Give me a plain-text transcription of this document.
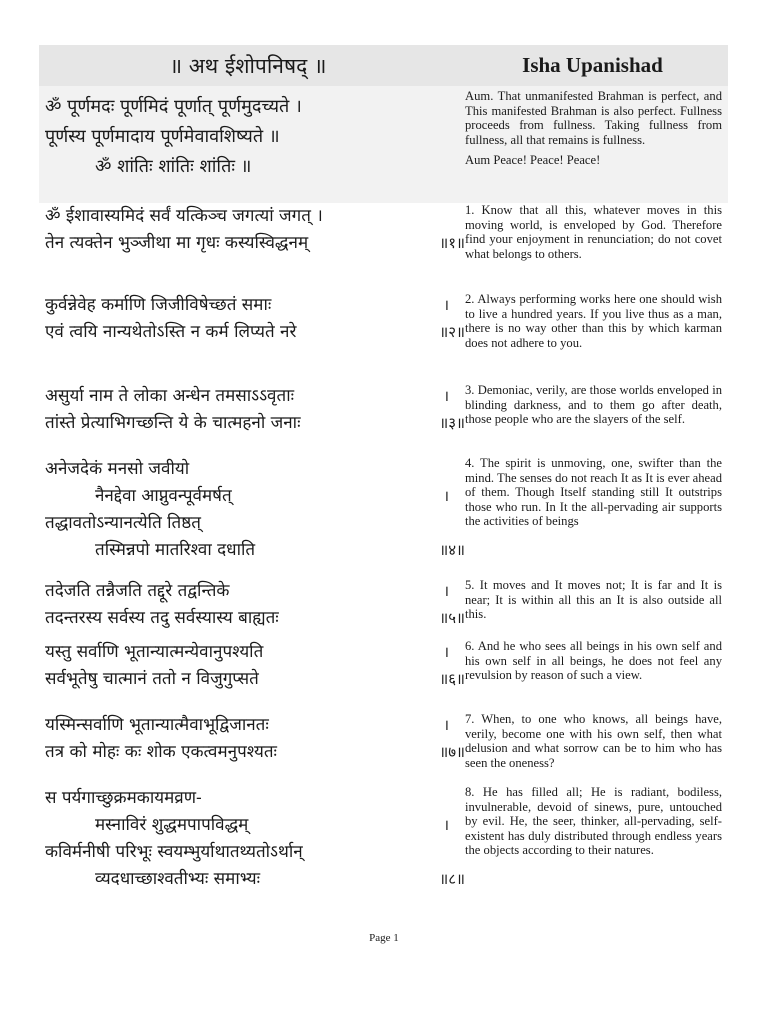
॥ अथ ईशोपनिषद् ॥	Isha Upanishad
ॐ पूर्णमदः पूर्णमिदं पूर्णात् पूर्णमुदच्यते ।
पूर्णस्य पूर्णमादाय पूर्णमेवावशिष्यते ॥
ॐ शांतिः शांतिः शांतिः ॥
Aum. That unmanifested Brahman is perfect, and This manifested Brahman is also perfect. Fullness proceeds from fullness. Taking fullness from fullness, all that remains is fullness.
Aum Peace! Peace! Peace!
ॐ ईशावास्यमिदं सर्वं यत्किञ्च जगत्यां जगत् ।
तेन त्यक्तेन भुञ्जीथा मा गृधः कस्यस्विद्धनम्	॥१॥
1. Know that all this, whatever moves in this moving world, is enveloped by God. Therefore find your enjoyment in renunciation; do not covet what belongs to others.
कुर्वन्नेवेह कर्माणि जिजीविषेच्छतं समाः	।
एवं त्वयि नान्यथेतोऽस्ति न कर्म लिप्यते नरे	॥२॥
2. Always performing works here one should wish to live a hundred years. If you live thus as a man, there is no way other than this by which karman does not adhere to you.
असुर्या नाम ते लोका अन्धेन तमसाऽऽवृताः	।
तांस्ते प्रेत्याभिगच्छन्ति ये के चात्महनो जनाः	॥३॥
3. Demoniac, verily, are those worlds enveloped in blinding darkness, and to them go after death, those people who are the slayers of the self.
अनेजदेकं मनसो जवीयो
नैनद्देवा आप्नुवन्पूर्वमर्षत्	।
तद्धावतोऽन्यानत्येति तिष्ठत्
तस्मिन्नपो मातरिश्वा दधाति	॥४॥
4. The spirit is unmoving, one, swifter than the mind. The senses do not reach It as It is ever ahead of them. Though Itself standing still It outstrips those who run. In It the all-pervading air supports the activities of beings
तदेजति तन्नैजति तद्दूरे तद्वन्तिके	।
तदन्तरस्य सर्वस्य तदु सर्वस्यास्य बाह्यतः	॥५॥
5. It moves and It moves not; It is far and It is near; It is within all this an It is also outside all this.
यस्तु सर्वाणि भूतान्यात्मन्येवानुपश्यति	।
सर्वभूतेषु चात्मानं ततो न विजुगुप्सते	॥६॥
6. And he who sees all beings in his own self and his own self in all beings, he does not feel any revulsion by reason of such a view.
यस्मिन्सर्वाणि भूतान्यात्मैवाभूद्विजानतः	।
तत्र को मोहः कः शोक एकत्वमनुपश्यतः	॥७॥
7. When, to one who knows, all beings have, verily, become one with his own self, then what delusion and what sorrow can be to him who has seen the oneness?
स पर्यगाच्छुक्रमकायमव्रण-
मस्नाविरं शुद्धमपापविद्धम्	।
कविर्मनीषी परिभूः स्वयम्भुर्याथातथ्यतोऽर्थान्
व्यदधाच्छाश्वतीभ्यः समाभ्यः	॥८॥
8. He has filled all; He is radiant, bodiless, invulnerable, devoid of sinews, pure, untouched by evil. He, the seer, thinker, all-pervading, self-existent has duly distributed through endless years the objects according to their natures.
Page 1
